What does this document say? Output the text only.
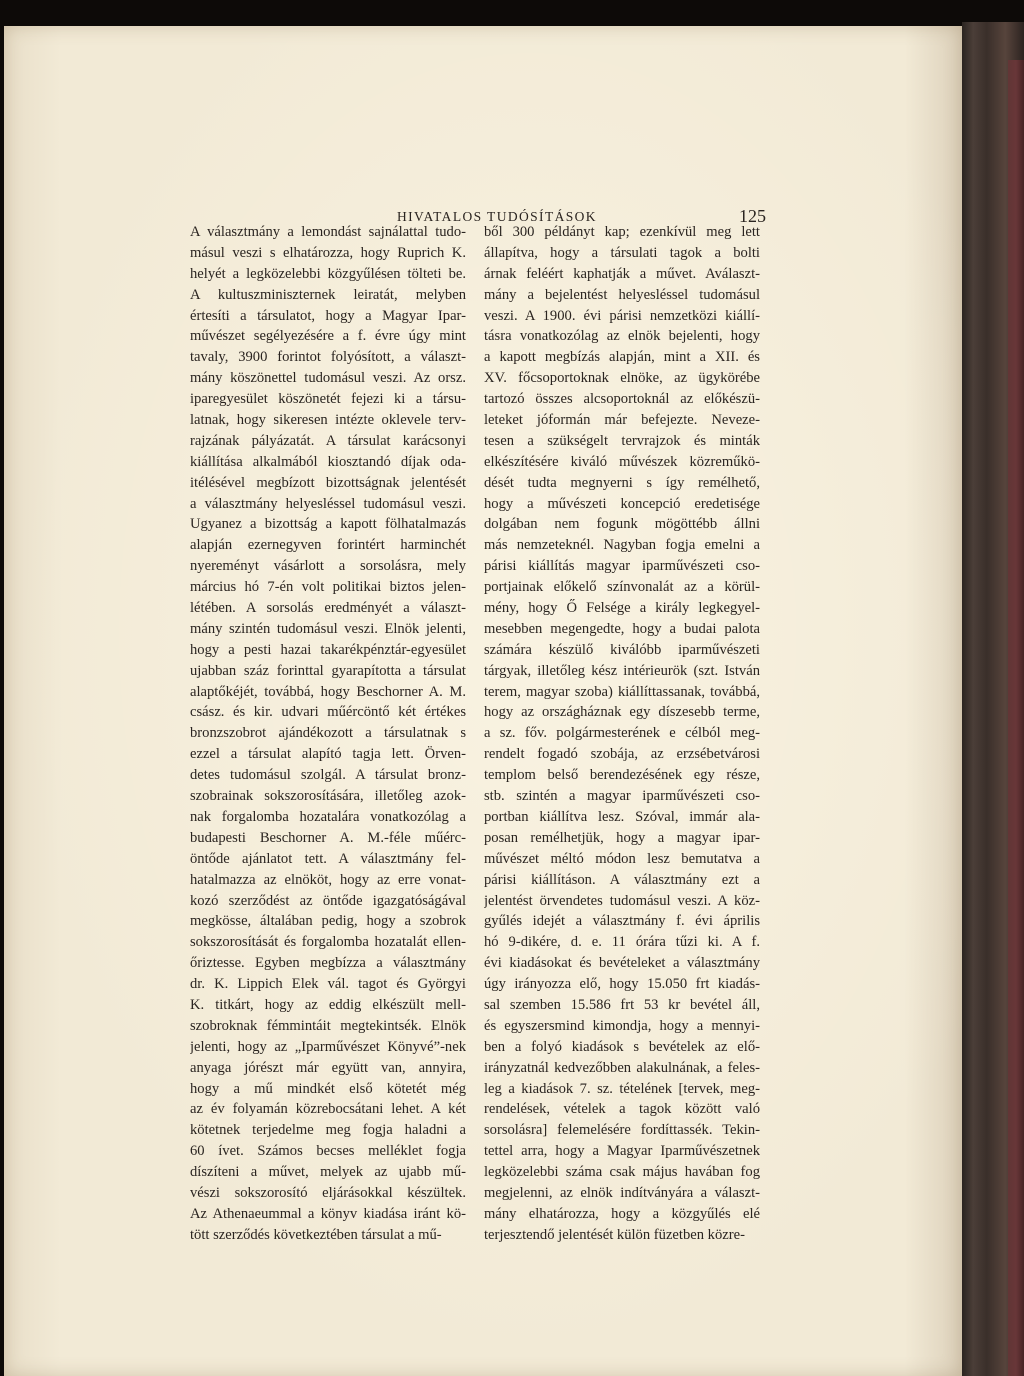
HIVATALOS TUDÓSÍTÁSOK	125
A választmány a lemondást sajnálattal tudo-
másul veszi s elhatározza, hogy Ruprich K.
helyét a legközelebbi közgyűlésen tölteti be.
A kultuszminiszternek leiratát, melyben
értesíti a társulatot, hogy a Magyar Ipar-
művészet segélyezésére a f. évre úgy mint
tavaly, 3900 forintot folyósított, a választ-
mány köszönettel tudomásul veszi. Az orsz.
iparegyesület köszönetét fejezi ki a társu-
latnak, hogy sikeresen intézte oklevele terv-
rajzának pályázatát. A társulat karácsonyi
kiállítása alkalmából kiosztandó díjak oda-
itélésével megbízott bizottságnak jelentését
a választmány helyesléssel tudomásul veszi.
Ugyanez a bizottság a kapott fölhatalmazás
alapján ezernegyven forintért harminchét
nyereményt vásárlott a sorsolásra, mely
március hó 7-én volt politikai biztos jelen-
létében. A sorsolás eredményét a választ-
mány szintén tudomásul veszi. Elnök jelenti,
hogy a pesti hazai takarékpénztár-egyesület
ujabban száz forinttal gyarapította a társulat
alaptőkéjét, továbbá, hogy Beschorner A. M.
csász. és kir. udvari műércöntő két értékes
bronzszobrot ajándékozott a társulatnak s
ezzel a társulat alapító tagja lett. Örven-
detes tudomásul szolgál. A társulat bronz-
szobrainak sokszorosítására, illetőleg azok-
nak forgalomba hozatalára vonatkozólag a
budapesti Beschorner A. M.-féle műérc-
öntőde ajánlatot tett. A választmány fel-
hatalmazza az elnököt, hogy az erre vonat-
kozó szerződést az öntőde igazgatóságával
megkösse, általában pedig, hogy a szobrok
sokszorosítását és forgalomba hozatalát ellen-
őriztesse. Egyben megbízza a választmány
dr. K. Lippich Elek vál. tagot és Györgyi
K. titkárt, hogy az eddig elkészült mell-
szobroknak fémmintáit megtekintsék. Elnök
jelenti, hogy az „Iparművészet Könyvé”-nek
anyaga jórészt már együtt van, annyira,
hogy a mű mindkét első kötetét még
az év folyamán közrebocsátani lehet. A két
kötetnek terjedelme meg fogja haladni a
60 ívet. Számos becses melléklet fogja
díszíteni a művet, melyek az ujabb mű-
vészi sokszorosító eljárásokkal készültek.
Az Athenaeummal a könyv kiadása iránt kö-
tött szerződés következtében társulat a mű-
ből 300 példányt kap; ezenkívül meg lett
állapítva, hogy a társulati tagok a bolti
árnak feléért kaphatják a művet. Aválaszt-
mány a bejelentést helyesléssel tudomásul
veszi. A 1900. évi párisi nemzetközi kiállí-
tásra vonatkozólag az elnök bejelenti, hogy
a kapott megbízás alapján, mint a XII. és
XV. főcsoportoknak elnöke, az ügykörébe
tartozó összes alcsoportoknál az előkészü-
leteket jóformán már befejezte. Neveze-
tesen a szükségelt tervrajzok és minták
elkészítésére kiváló művészek közreműkö-
dését tudta megnyerni s így remélhető,
hogy a művészeti koncepció eredetisége
dolgában nem fogunk mögöttébb állni
más nemzeteknél. Nagyban fogja emelni a
párisi kiállítás magyar iparművészeti cso-
portjainak előkelő színvonalát az a körül-
mény, hogy Ő Felsége a király legkegyel-
mesebben megengedte, hogy a budai palota
számára készülő kiválóbb iparművészeti
tárgyak, illetőleg kész intérieurök (szt. István
terem, magyar szoba) kiállíttassanak, továbbá,
hogy az országháznak egy díszesebb terme,
a sz. főv. polgármesterének e célból meg-
rendelt fogadó szobája, az erzsébetvárosi
templom belső berendezésének egy része,
stb. szintén a magyar iparművészeti cso-
portban kiállítva lesz. Szóval, immár ala-
posan remélhetjük, hogy a magyar ipar-
művészet méltó módon lesz bemutatva a
párisi kiállításon. A választmány ezt a
jelentést örvendetes tudomásul veszi. A köz-
gyűlés idejét a választmány f. évi április
hó 9-dikére, d. e. 11 órára tűzi ki. A f.
évi kiadásokat és bevételeket a választmány
úgy irányozza elő, hogy 15.050 frt kiadás-
sal szemben 15.586 frt 53 kr bevétel áll,
és egyszersmind kimondja, hogy a mennyi-
ben a folyó kiadások s bevételek az elő-
irányzatnál kedvezőbben alakulnának, a feles-
leg a kiadások 7. sz. tételének [tervek, meg-
rendelések, vételek a tagok között való
sorsolásra] felemelésére fordíttassék. Tekin-
tettel arra, hogy a Magyar Iparművészetnek
legközelebbi száma csak május havában fog
megjelenni, az elnök indítványára a választ-
mány elhatározza, hogy a közgyűlés elé
terjesztendő jelentését külön füzetben közre-
